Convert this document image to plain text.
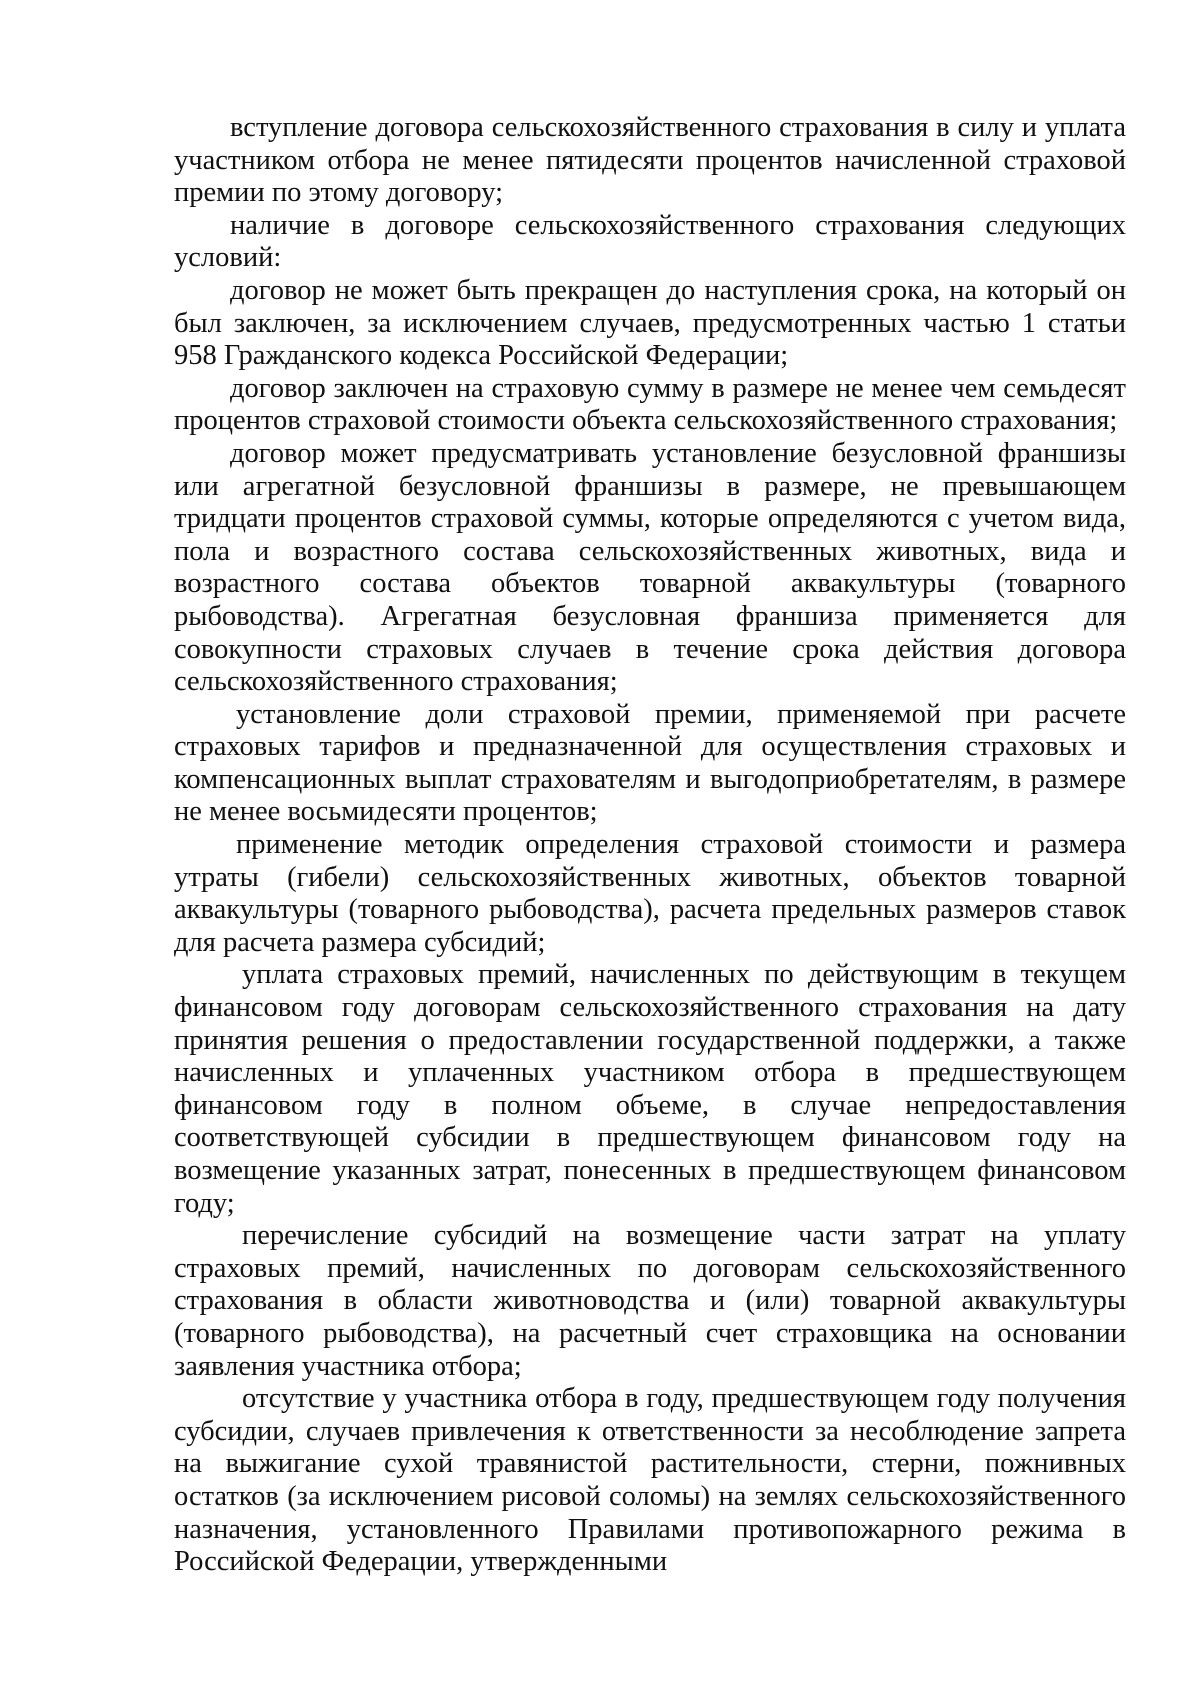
вступление договора сельскохозяйственного страхования в силу и уплата участником отбора не менее пятидесяти процентов начисленной страховой премии по этому договору;

наличие в договоре сельскохозяйственного страхования следующих условий:

договор не может быть прекращен до наступления срока, на который он был заключен, за исключением случаев, предусмотренных частью 1 статьи 958 Гражданского кодекса Российской Федерации;

договор заключен на страховую сумму в размере не менее чем семьдесят процентов страховой стоимости объекта сельскохозяйственного страхования;

договор может предусматривать установление безусловной франшизы или агрегатной безусловной франшизы в размере, не превышающем тридцати процентов страховой суммы, которые определяются с учетом вида, пола и возрастного состава сельскохозяйственных животных, вида и возрастного состава объектов товарной аквакультуры (товарного рыбоводства). Агрегатная безусловная франшиза применяется для совокупности страховых случаев в течение срока действия договора сельскохозяйственного страхования;

установление доли страховой премии, применяемой при расчете страховых тарифов и предназначенной для осуществления страховых и компенсационных выплат страхователям и выгодоприобретателям, в размере не менее восьмидесяти процентов;

применение методик определения страховой стоимости и размера утраты (гибели) сельскохозяйственных животных, объектов товарной аквакультуры (товарного рыбоводства), расчета предельных размеров ставок для расчета размера субсидий;

уплата страховых премий, начисленных по действующим в текущем финансовом году договорам сельскохозяйственного страхования на дату принятия решения о предоставлении государственной поддержки, а также начисленных и уплаченных участником отбора в предшествующем финансовом году в полном объеме, в случае непредоставления соответствующей субсидии в предшествующем финансовом году на возмещение указанных затрат, понесенных в предшествующем финансовом году;

перечисление субсидий на возмещение части затрат на уплату страховых премий, начисленных по договорам сельскохозяйственного страхования в области животноводства и (или) товарной аквакультуры (товарного рыбоводства), на расчетный счет страховщика на основании заявления участника отбора;

отсутствие у участника отбора в году, предшествующем году получения субсидии, случаев привлечения к ответственности за несоблюдение запрета на выжигание сухой травянистой растительности, стерни, пожнивных остатков (за исключением рисовой соломы) на землях сельскохозяйственного назначения, установленного Правилами противопожарного режима в Российской Федерации, утвержденными
